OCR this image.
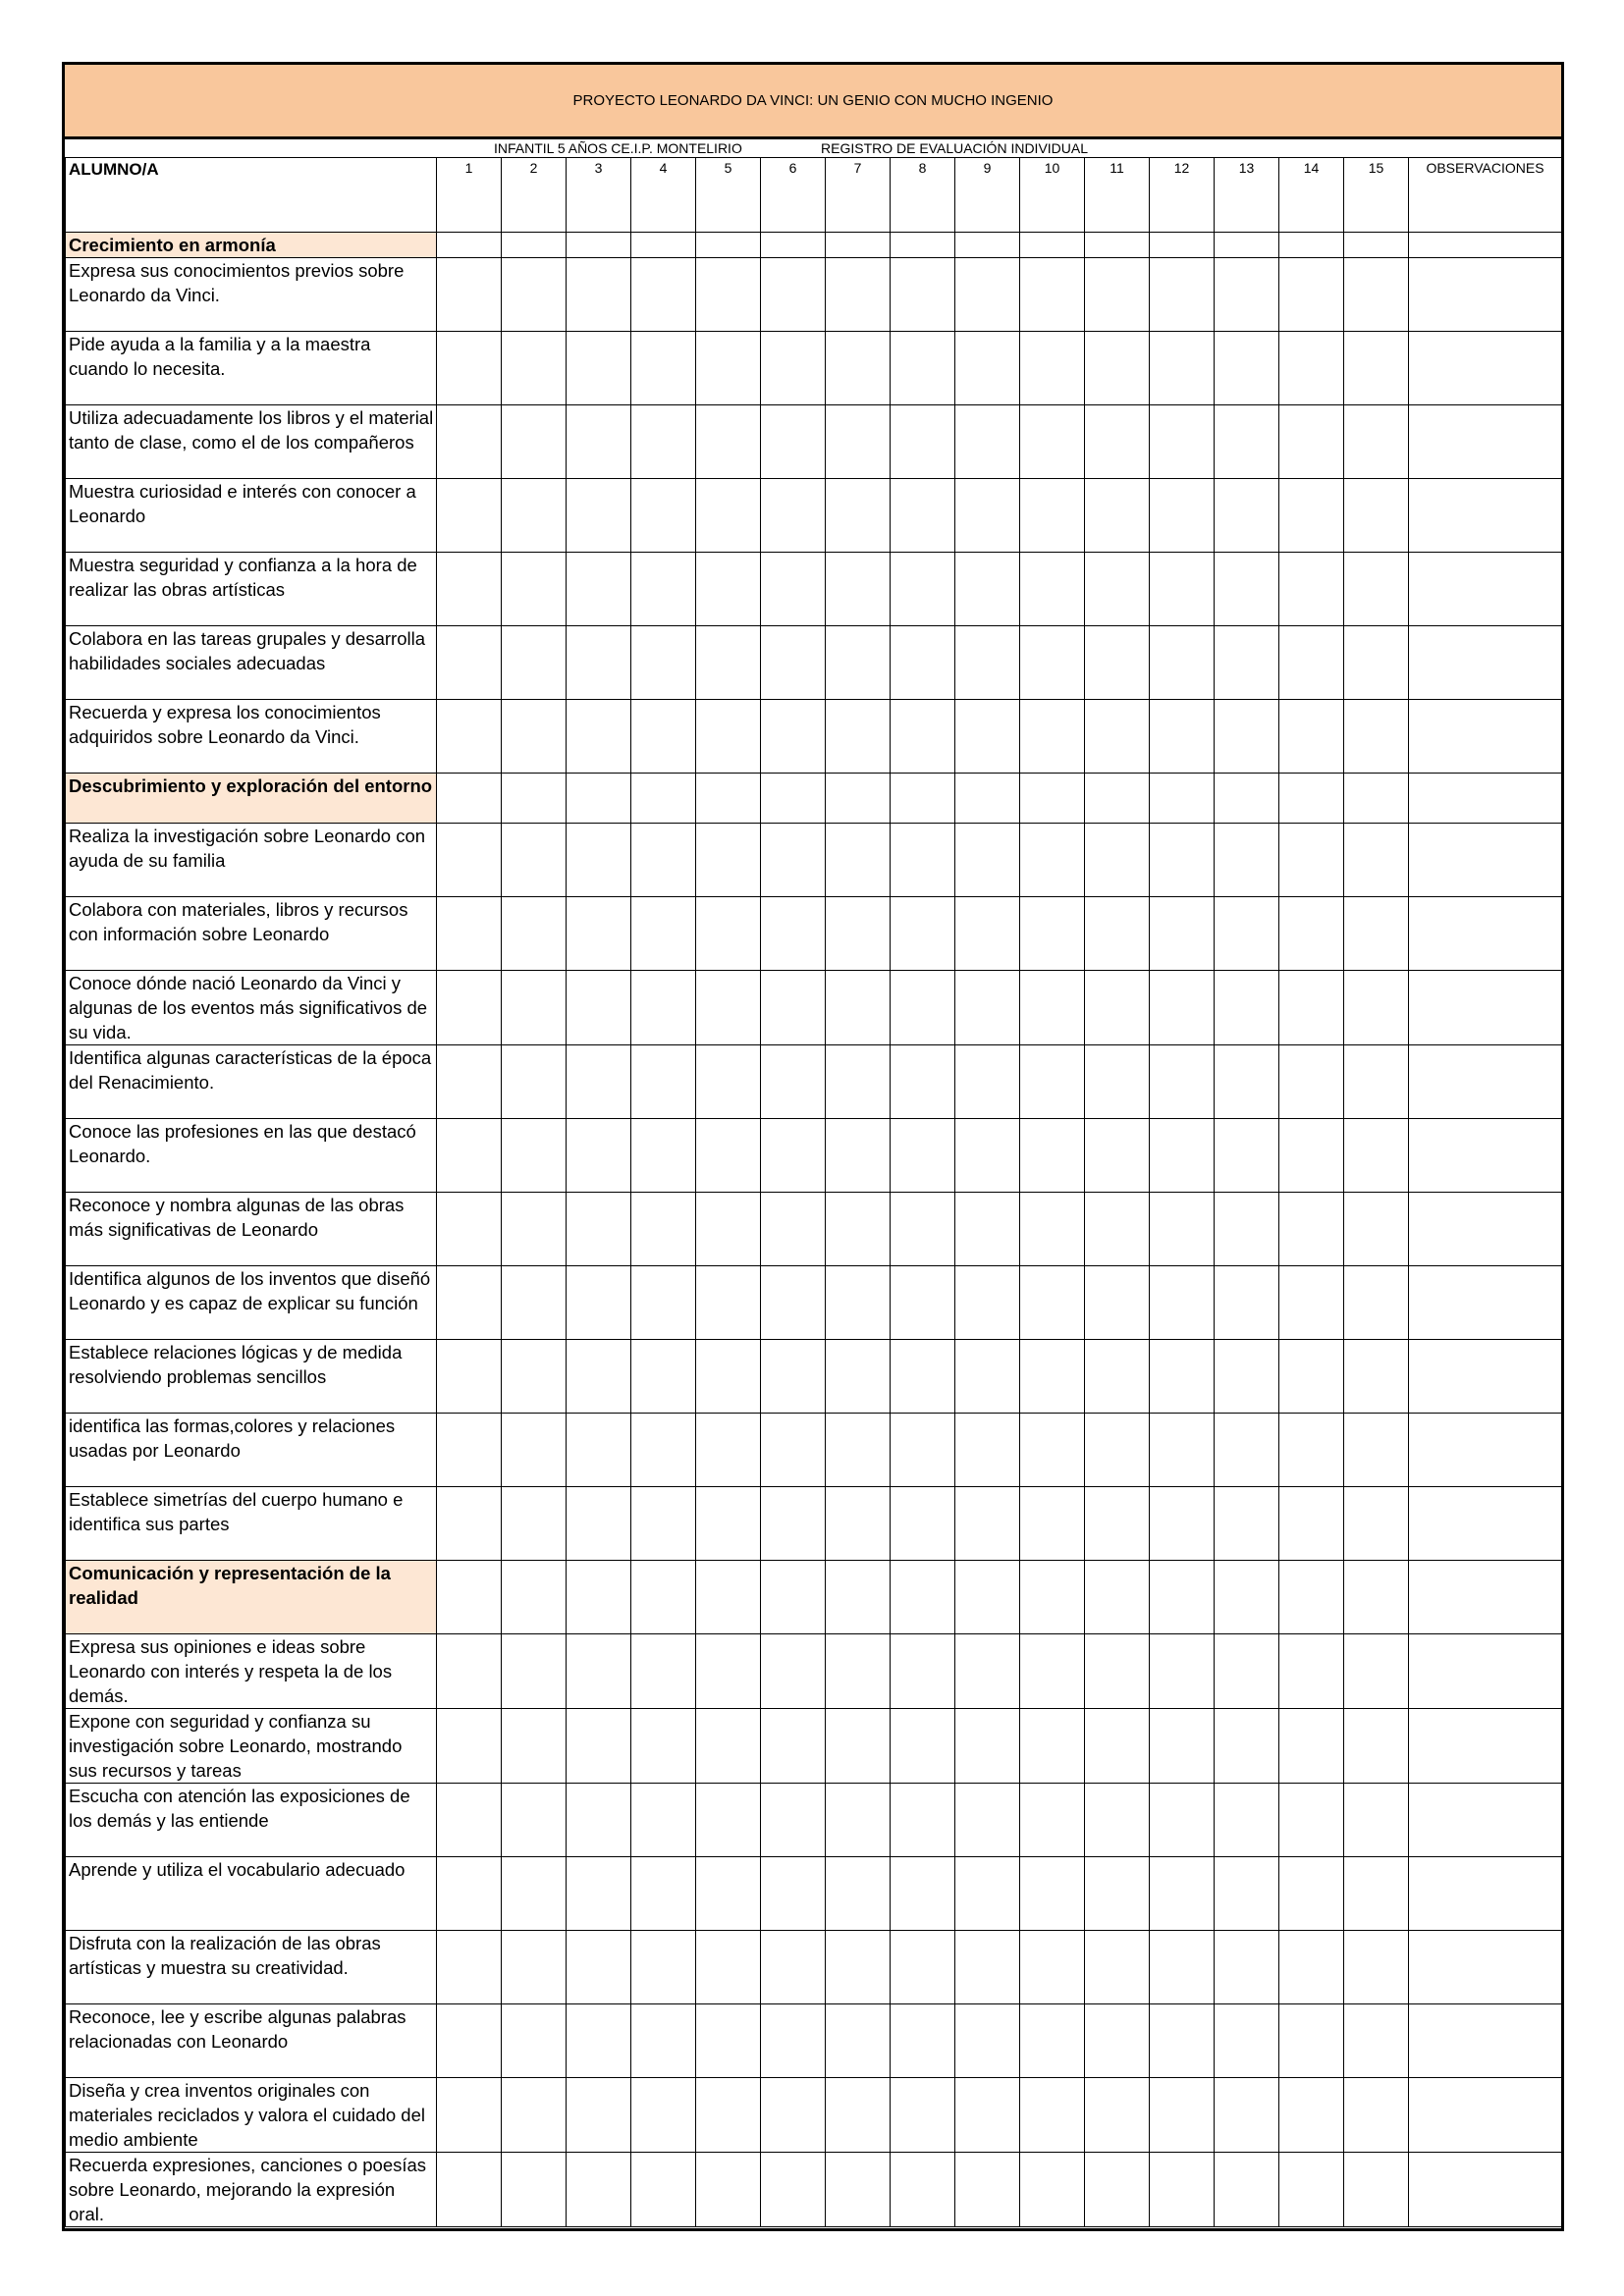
PROYECTO LEONARDO DA VINCI: UN GENIO CON MUCHO INGENIO
INFANTIL 5 AÑOS CE.I.P. MONTELIRIO	REGISTRO DE EVALUACIÓN INDIVIDUAL
ALUMNO/A	1	2	3	4	5	6	7	8	9	10	11	12	13	14	15	OBSERVACIONES
Crecimiento en armonía																
Expresa sus conocimientos previos sobre Leonardo da Vinci.																
Pide ayuda a la familia y a la maestra cuando lo necesita.																
Utiliza adecuadamente los libros y el material tanto de clase, como el de los compañeros																
Muestra curiosidad e interés con conocer a Leonardo																
Muestra seguridad y confianza a la hora de realizar las obras artísticas																
Colabora en las tareas grupales y desarrolla habilidades sociales adecuadas																
Recuerda y expresa los conocimientos adquiridos sobre Leonardo da Vinci.																
Descubrimiento y exploración del entorno																
Realiza la investigación sobre Leonardo con ayuda de su familia																
Colabora con materiales, libros y recursos con información sobre Leonardo																
Conoce dónde nació Leonardo da Vinci y algunas de los eventos más significativos de su vida.																
Identifica algunas características de la época del Renacimiento.																
Conoce las profesiones en las que destacó Leonardo.																
Reconoce y nombra algunas de las obras más significativas de Leonardo																
Identifica algunos de los inventos que diseñó Leonardo y es capaz de explicar su función																
Establece relaciones lógicas y de medida resolviendo problemas sencillos																
identifica las formas,colores y relaciones usadas por Leonardo																
Establece simetrías del cuerpo humano e identifica sus partes																
Comunicación y representación de la realidad																
Expresa sus opiniones e ideas sobre Leonardo con interés y respeta la de los demás.																
Expone con seguridad y confianza su investigación sobre Leonardo, mostrando sus recursos y tareas																
Escucha con atención las exposiciones de los demás y las entiende																
Aprende y utiliza el vocabulario adecuado																
Disfruta con la realización de las obras artísticas y muestra su creatividad.																
Reconoce, lee y escribe algunas palabras relacionadas con Leonardo																
Diseña y crea inventos originales con materiales reciclados y valora el cuidado del medio ambiente																
Recuerda expresiones, canciones o poesías sobre Leonardo, mejorando la expresión oral.																
